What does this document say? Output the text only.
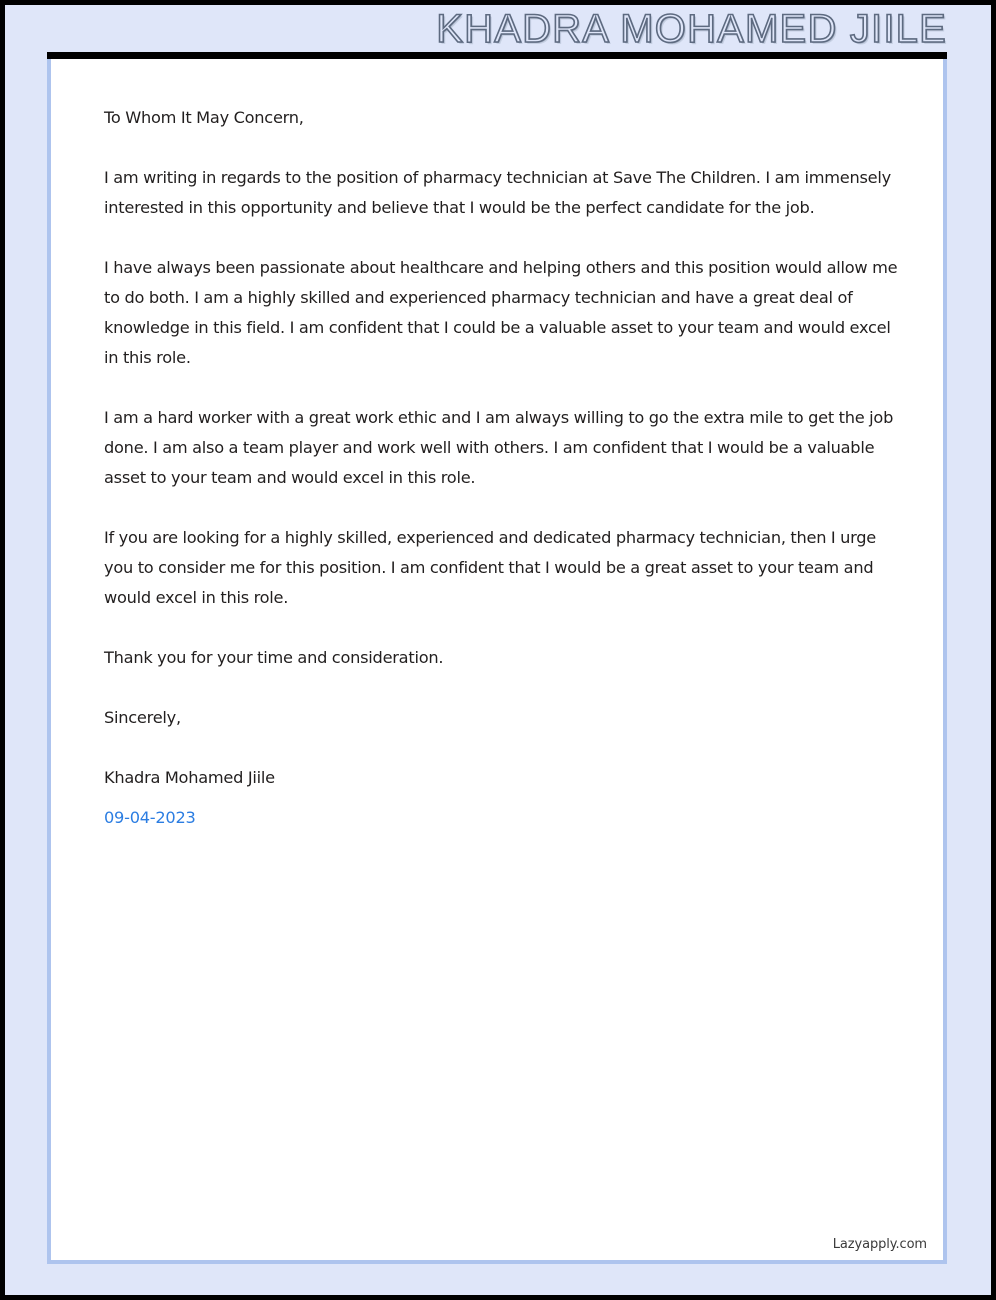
KHADRA MOHAMED JIILE

To Whom It May Concern,

I am writing in regards to the position of pharmacy technician at Save The Children. I am immensely interested in this opportunity and believe that I would be the perfect candidate for the job.

I have always been passionate about healthcare and helping others and this position would allow me to do both. I am a highly skilled and experienced pharmacy technician and have a great deal of knowledge in this field. I am confident that I could be a valuable asset to your team and would excel in this role.

I am a hard worker with a great work ethic and I am always willing to go the extra mile to get the job done. I am also a team player and work well with others. I am confident that I would be a valuable asset to your team and would excel in this role.

If you are looking for a highly skilled, experienced and dedicated pharmacy technician, then I urge you to consider me for this position. I am confident that I would be a great asset to your team and would excel in this role.

Thank you for your time and consideration.

Sincerely,

Khadra Mohamed Jiile

09-04-2023

Lazyapply.com
